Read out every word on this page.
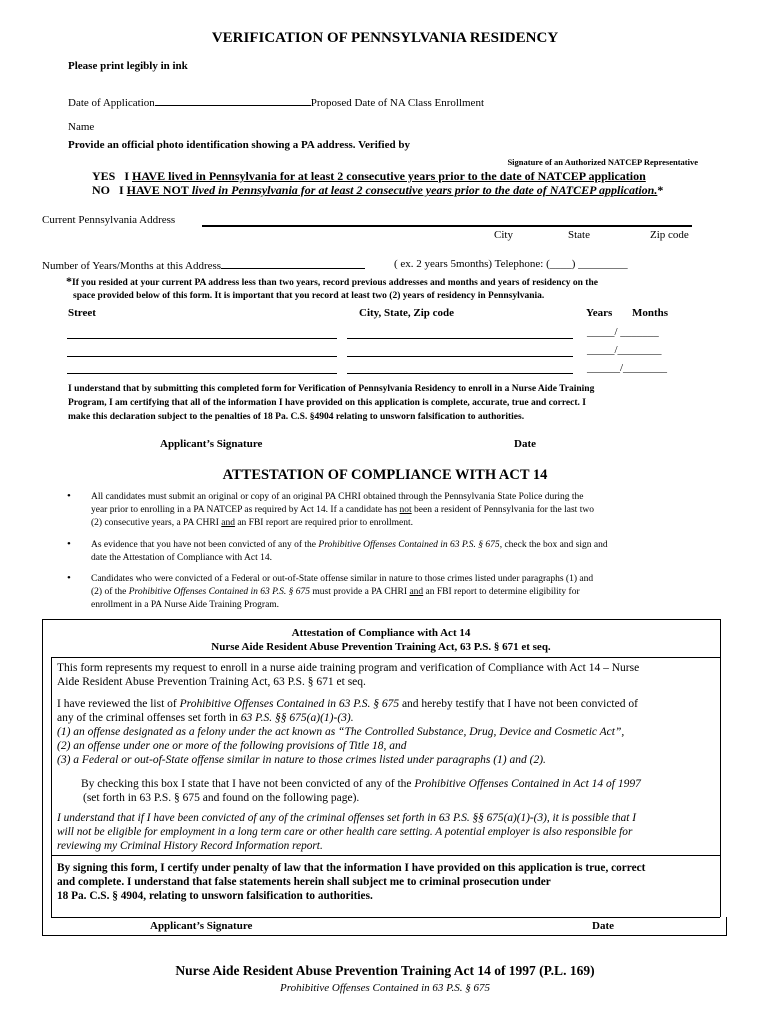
VERIFICATION OF PENNSYLVANIA RESIDENCY
Please print legibly in ink
Date of Application	Proposed Date of NA Class Enrollment
Name
Provide an official photo identification showing a PA address. Verified by
Signature of an Authorized NATCEP Representative
YES I HAVE lived in Pennsylvania for at least 2 consecutive years prior to the date of NATCEP application
NO I HAVE NOT lived in Pennsylvania for at least 2 consecutive years prior to the date of NATCEP application.*
Current Pennsylvania Address
City	State	Zip code
Number of Years/Months at this Address	( ex. 2 years 5months) Telephone: (____) _________
*If you resided at your current PA address less than two years, record previous addresses and months and years of residency on the
space provided below of this form. It is important that you record at least two (2) years of residency in Pennsylvania.
Street	City, State, Zip code	Years Months
_____/ _______
_____/________
______/________
I understand that by submitting this completed form for Verification of Pennsylvania Residency to enroll in a Nurse Aide Training
Program, I am certifying that all of the information I have provided on this application is complete, accurate, true and correct. I
make this declaration subject to the penalties of 18 Pa. C.S. §4904 relating to unsworn falsification to authorities.
Applicant’s Signature	Date
ATTESTATION OF COMPLIANCE WITH ACT 14
• All candidates must submit an original or copy of an original PA CHRI obtained through the Pennsylvania State Police during the
year prior to enrolling in a PA NATCEP as required by Act 14. If a candidate has not been a resident of Pennsylvania for the last two
(2) consecutive years, a PA CHRI and an FBI report are required prior to enrollment.
• As evidence that you have not been convicted of any of the Prohibitive Offenses Contained in 63 P.S. § 675, check the box and sign and
date the Attestation of Compliance with Act 14.
• Candidates who were convicted of a Federal or out-of-State offense similar in nature to those crimes listed under paragraphs (1) and
(2) of the Prohibitive Offenses Contained in 63 P.S. § 675 must provide a PA CHRI and an FBI report to determine eligibility for
enrollment in a PA Nurse Aide Training Program.
Attestation of Compliance with Act 14
Nurse Aide Resident Abuse Prevention Training Act, 63 P.S. § 671 et seq.
This form represents my request to enroll in a nurse aide training program and verification of Compliance with Act 14 – Nurse
Aide Resident Abuse Prevention Training Act, 63 P.S. § 671 et seq.
I have reviewed the list of Prohibitive Offenses Contained in 63 P.S. § 675 and hereby testify that I have not been convicted of
any of the criminal offenses set forth in 63 P.S. §§ 675(a)(1)-(3).
(1) an offense designated as a felony under the act known as “The Controlled Substance, Drug, Device and Cosmetic Act”,
(2) an offense under one or more of the following provisions of Title 18, and
(3) a Federal or out-of-State offense similar in nature to those crimes listed under paragraphs (1) and (2).
By checking this box I state that I have not been convicted of any of the Prohibitive Offenses Contained in Act 14 of 1997
(set forth in 63 P.S. § 675 and found on the following page).
I understand that if I have been convicted of any of the criminal offenses set forth in 63 P.S. §§ 675(a)(1)-(3), it is possible that I
will not be eligible for employment in a long term care or other health care setting. A potential employer is also responsible for
reviewing my Criminal History Record Information report.
By signing this form, I certify under penalty of law that the information I have provided on this application is true, correct
and complete. I understand that false statements herein shall subject me to criminal prosecution under
18 Pa. C.S. § 4904, relating to unsworn falsification to authorities.
Applicant’s Signature	Date
Nurse Aide Resident Abuse Prevention Training Act 14 of 1997 (P.L. 169)
Prohibitive Offenses Contained in 63 P.S. § 675
